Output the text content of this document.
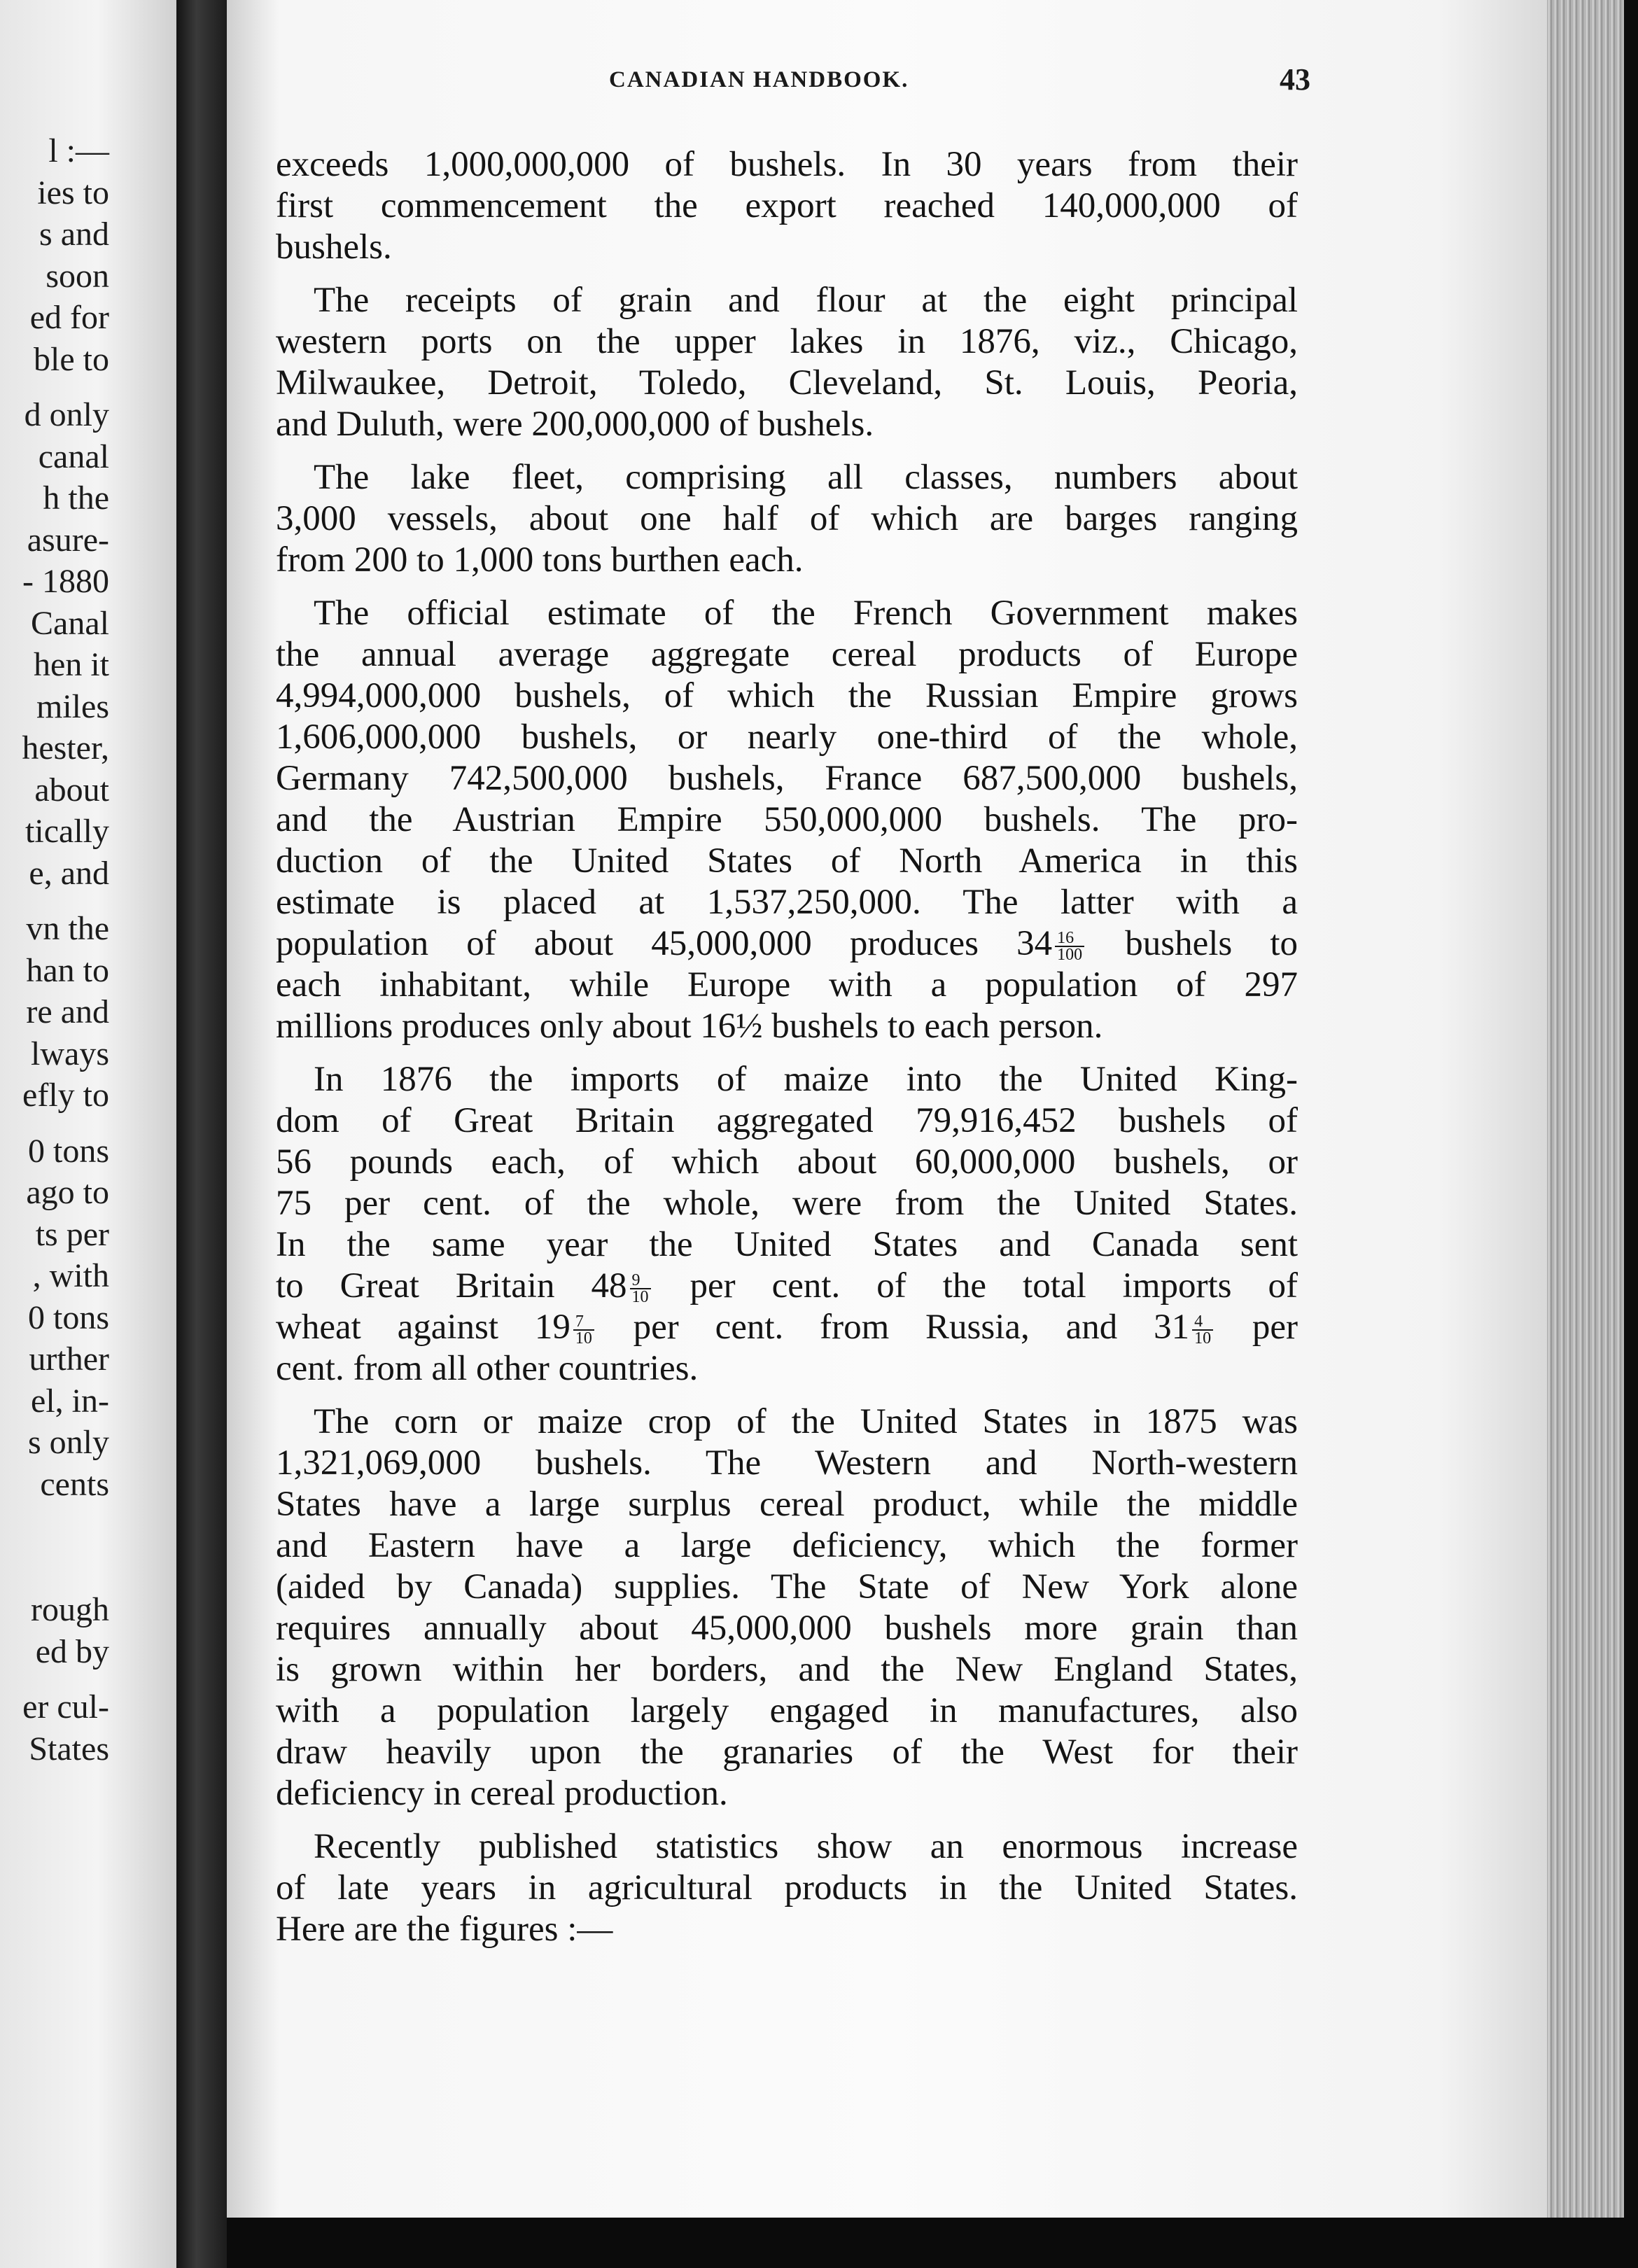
l :—
ies to
s and
soon
ed for
ble to
d only
canal
h the
asure-
- 1880
Canal
hen it
miles
hester,
about
tically
e, and
vn the
han to
re and
lways
efly to
0 tons
ago to
ts per
, with
0 tons
urther
el, in-
s only
cents
rough
ed by
er cul-
States
CANADIAN HANDBOOK.	43

exceeds 1,000,000,000 of bushels. In 30 years from their

first commencement the export reached 140,000,000 of

bushels.

The receipts of grain and flour at the eight principal

western ports on the upper lakes in 1876, viz., Chicago,

Milwaukee, Detroit, Toledo, Cleveland, St. Louis, Peoria,

and Duluth, were 200,000,000 of bushels.

The lake fleet, comprising all classes, numbers about

3,000 vessels, about one half of which are barges ranging

from 200 to 1,000 tons burthen each.

The official estimate of the French Government makes

the annual average aggregate cereal products of Europe

4,994,000,000 bushels, of which the Russian Empire grows

1,606,000,000 bushels, or nearly one-third of the whole,

Germany 742,500,000 bushels, France 687,500,000 bushels,

and the Austrian Empire 550,000,000 bushels. The pro-

duction of the United States of North America in this

estimate is placed at 1,537,250,000. The latter with a

population of about 45,000,000 produces $34 \frac{16}{100}$ bushels to

each inhabitant, while Europe with a population of 297

millions produces only about 16½ bushels to each person.

In 1876 the imports of maize into the United King-

dom of Great Britain aggregated 79,916,452 bushels of

56 pounds each, of which about 60,000,000 bushels, or

75 per cent. of the whole, were from the United States.

In the same year the United States and Canada sent

to Great Britain $48 \frac{9}{10}$ per cent. of the total imports of

wheat against $19 \frac{7}{10}$ per cent. from Russia, and $31 \frac{4}{10}$ per

cent. from all other countries.

The corn or maize crop of the United States in 1875 was

1,321,069,000 bushels. The Western and North-western

States have a large surplus cereal product, while the middle

and Eastern have a large deficiency, which the former

(aided by Canada) supplies. The State of New York alone

requires annually about 45,000,000 bushels more grain than

is grown within her borders, and the New England States,

with a population largely engaged in manufactures, also

draw heavily upon the granaries of the West for their

deficiency in cereal production.

Recently published statistics show an enormous increase

of late years in agricultural products in the United States.

Here are the figures :—
